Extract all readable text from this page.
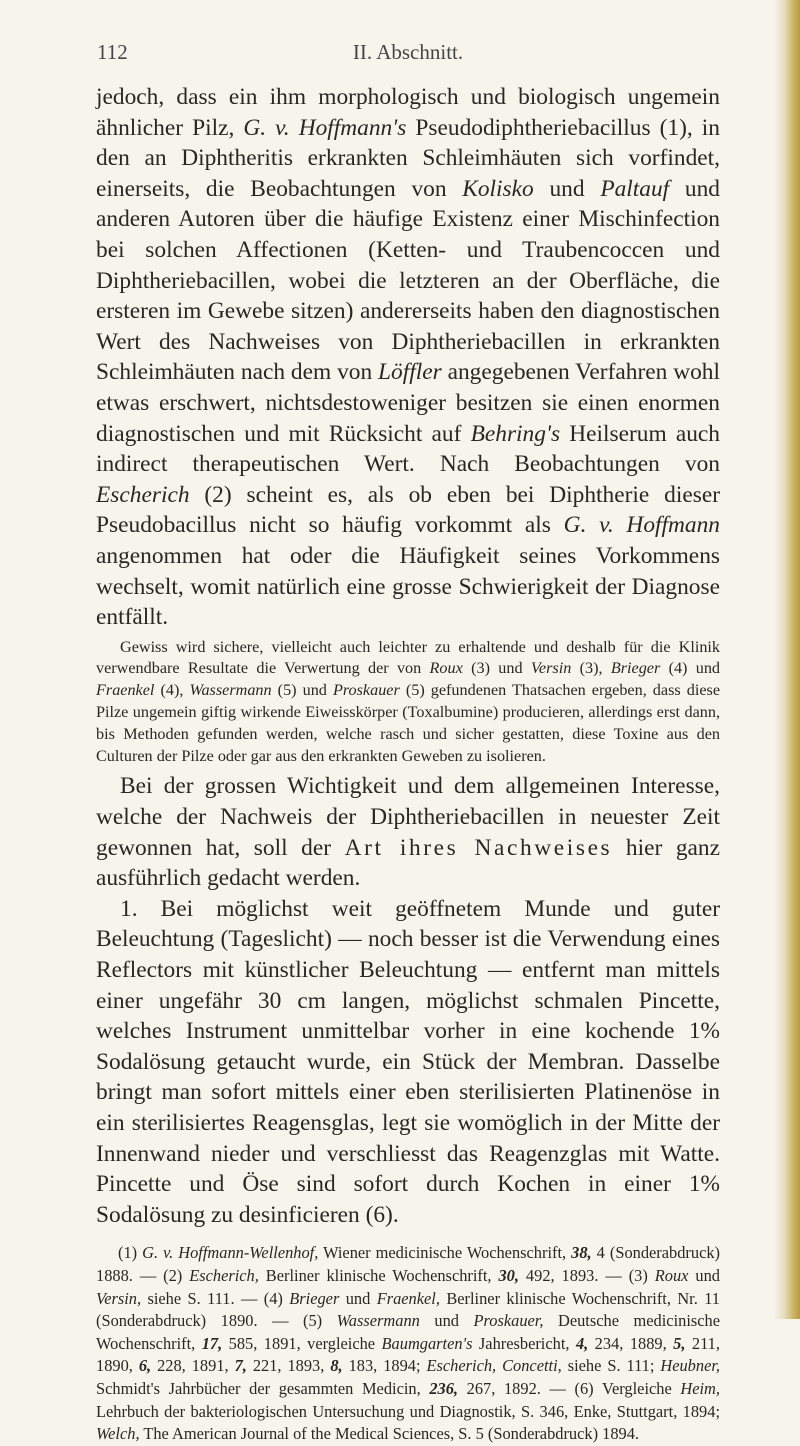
112	II. Abschnitt.

jedoch, dass ein ihm morphologisch und biologisch ungemein ähnlicher Pilz, G. v. Hoffmann's Pseudodiphtheriebacillus (1), in den an Diphtheritis erkrankten Schleimhäuten sich vorfindet, einerseits, die Beobachtungen von Kolisko und Paltauf und anderen Autoren über die häufige Existenz einer Mischinfection bei solchen Affectionen (Ketten- und Traubencoccen und Diphtheriebacillen, wobei die letzteren an der Oberfläche, die ersteren im Gewebe sitzen) andererseits haben den diagnostischen Wert des Nachweises von Diphtheriebacillen in erkrankten Schleimhäuten nach dem von Löffler angegebenen Verfahren wohl etwas erschwert, nichtsdestoweniger besitzen sie einen enormen diagnostischen und mit Rücksicht auf Behring's Heilserum auch indirect therapeutischen Wert. Nach Beobachtungen von Escherich (2) scheint es, als ob eben bei Diphtherie dieser Pseudobacillus nicht so häufig vorkommt als G. v. Hoffmann angenommen hat oder die Häufigkeit seines Vorkommens wechselt, womit natürlich eine grosse Schwierigkeit der Diagnose entfällt.

Gewiss wird sichere, vielleicht auch leichter zu erhaltende und deshalb für die Klinik verwendbare Resultate die Verwertung der von Roux (3) und Versin (3), Brieger (4) und Fraenkel (4), Wassermann (5) und Proskauer (5) gefundenen Thatsachen ergeben, dass diese Pilze ungemein giftig wirkende Eiweisskörper (Toxalbumine) producieren, allerdings erst dann, bis Methoden gefunden werden, welche rasch und sicher gestatten, diese Toxine aus den Culturen der Pilze oder gar aus den erkrankten Geweben zu isolieren.

Bei der grossen Wichtigkeit und dem allgemeinen Interesse, welche der Nachweis der Diphtheriebacillen in neuester Zeit gewonnen hat, soll der Art ihres Nachweises hier ganz ausführlich gedacht werden.

1. Bei möglichst weit geöffnetem Munde und guter Beleuchtung (Tageslicht) — noch besser ist die Verwendung eines Reflectors mit künstlicher Beleuchtung — entfernt man mittels einer ungefähr 30 cm langen, möglichst schmalen Pincette, welches Instrument unmittelbar vorher in eine kochende 1% Sodalösung getaucht wurde, ein Stück der Membran. Dasselbe bringt man sofort mittels einer eben sterilisierten Platinenöse in ein sterilisiertes Reagensglas, legt sie womöglich in der Mitte der Innenwand nieder und verschliesst das Reagenzglas mit Watte. Pincette und Öse sind sofort durch Kochen in einer 1% Sodalösung zu desinficieren (6).

(1) G. v. Hoffmann-Wellenhof, Wiener medicinische Wochenschrift, 38, 4 (Sonderabdruck) 1888. — (2) Escherich, Berliner klinische Wochenschrift, 30, 492, 1893. — (3) Roux und Versin, siehe S. 111. — (4) Brieger und Fraenkel, Berliner klinische Wochenschrift, Nr. 11 (Sonderabdruck) 1890. — (5) Wassermann und Proskauer, Deutsche medicinische Wochenschrift, 17, 585, 1891, vergleiche Baumgarten's Jahresbericht, 4, 234, 1889, 5, 211, 1890, 6, 228, 1891, 7, 221, 1893, 8, 183, 1894; Escherich, Concetti, siehe S. 111; Heubner, Schmidt's Jahrbücher der gesammten Medicin, 236, 267, 1892. — (6) Vergleiche Heim, Lehrbuch der bakteriologischen Untersuchung und Diagnostik, S. 346, Enke, Stuttgart, 1894; Welch, The American Journal of the Medical Sciences, S. 5 (Sonderabdruck) 1894.
